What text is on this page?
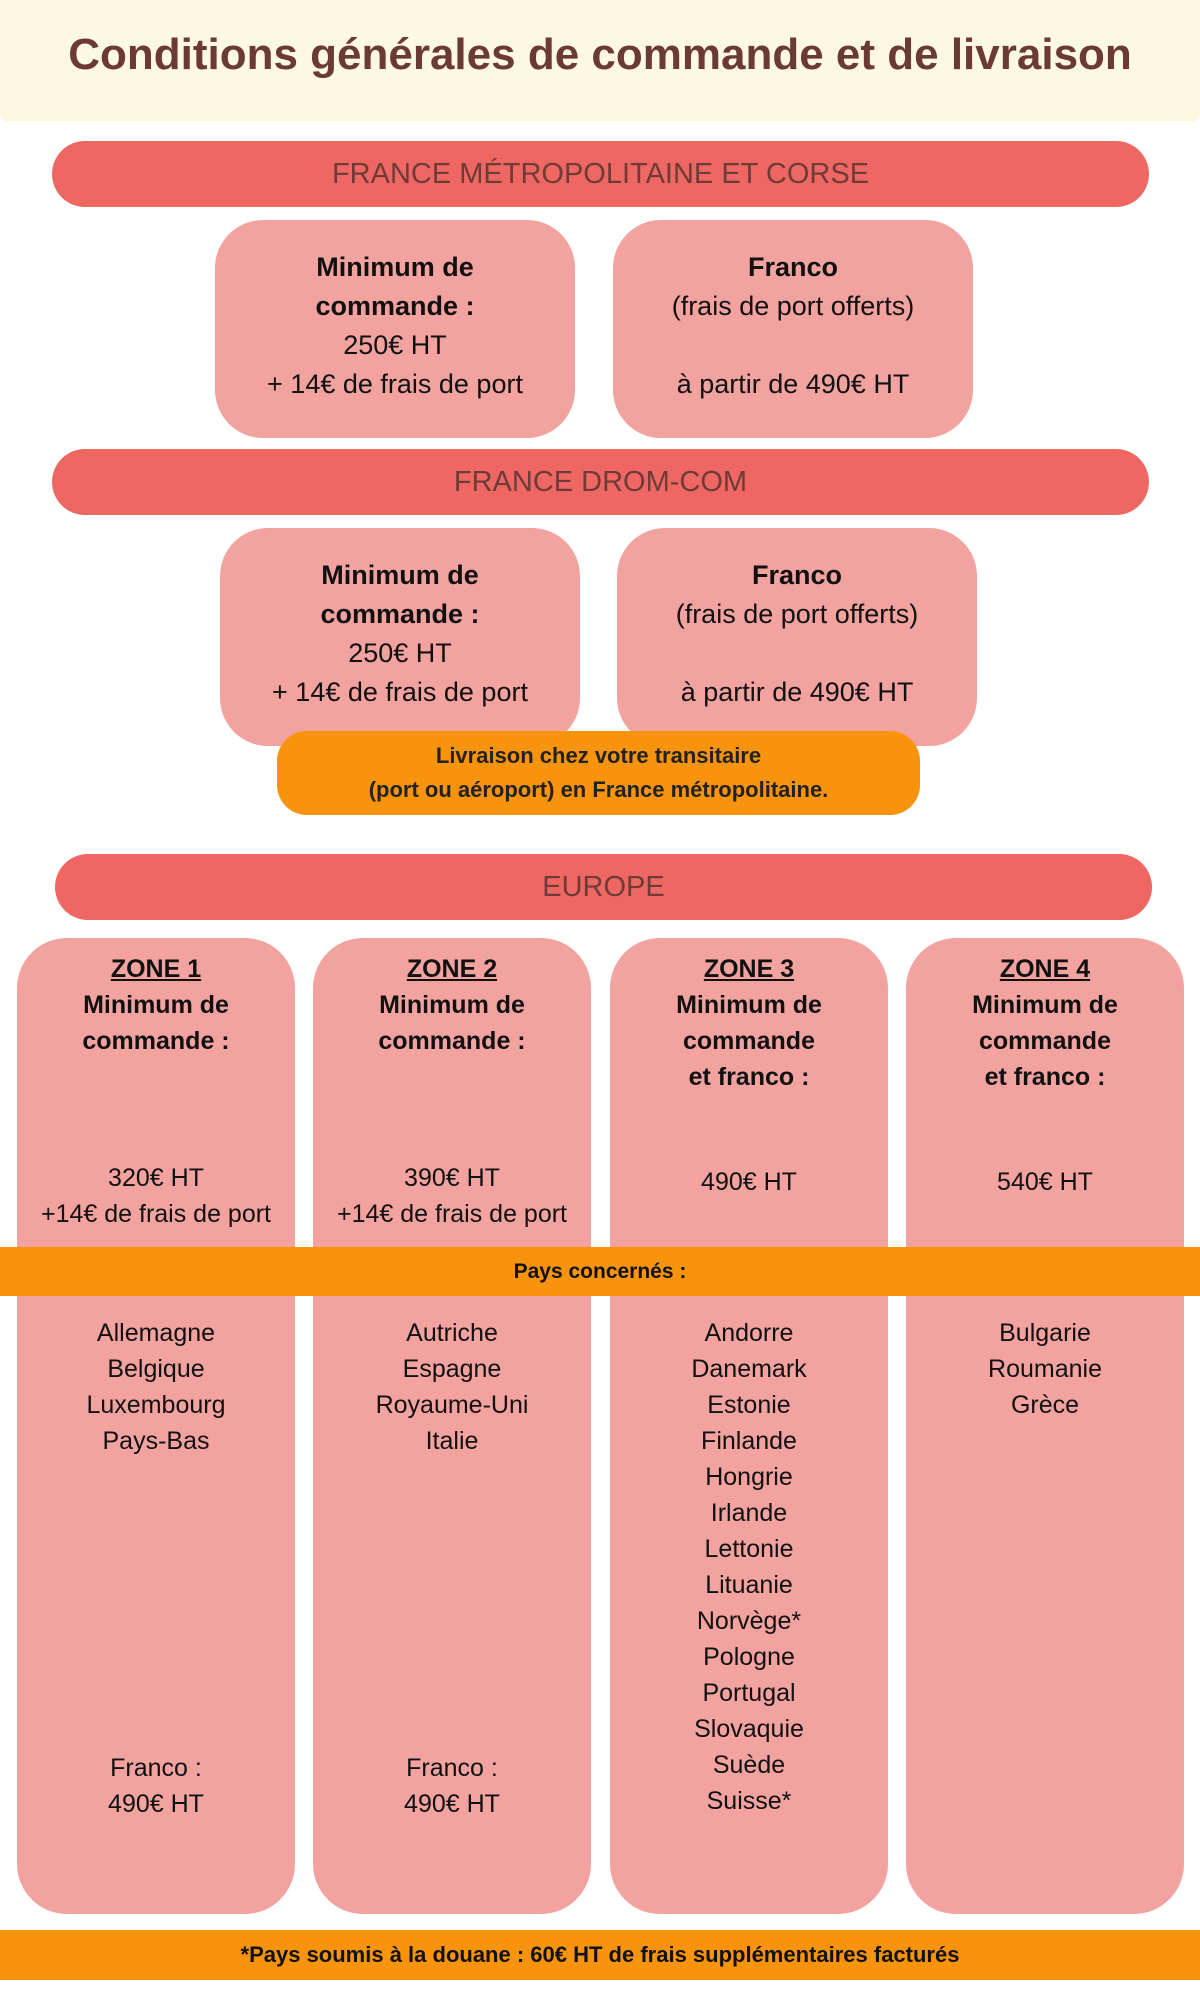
Conditions générales de commande et de livraison
FRANCE MÉTROPOLITAINE ET CORSE
Minimum de
commande :
250€ HT
+ 14€ de frais de port
Franco
(frais de port offerts)
à partir de 490€ HT
FRANCE DROM-COM
Minimum de
commande :
250€ HT
+ 14€ de frais de port
Franco
(frais de port offerts)
à partir de 490€ HT
Livraison chez votre transitaire
(port ou aéroport) en France métropolitaine.
EUROPE
ZONE 1
Minimum de
commande :
320€ HT
+14€ de frais de port
Allemagne
Belgique
Luxembourg
Pays-Bas
Franco :
490€ HT
ZONE 2
Minimum de
commande :
390€ HT
+14€ de frais de port
Autriche
Espagne
Royaume-Uni
Italie
Franco :
490€ HT
ZONE 3
Minimum de
commande
et franco :
490€ HT
Andorre
Danemark
Estonie
Finlande
Hongrie
Irlande
Lettonie
Lituanie
Norvège*
Pologne
Portugal
Slovaquie
Suède
Suisse*
ZONE 4
Minimum de
commande
et franco :
540€ HT
Bulgarie
Roumanie
Grèce
Pays concernés :
*Pays soumis à la douane : 60€ HT de frais supplémentaires facturés
